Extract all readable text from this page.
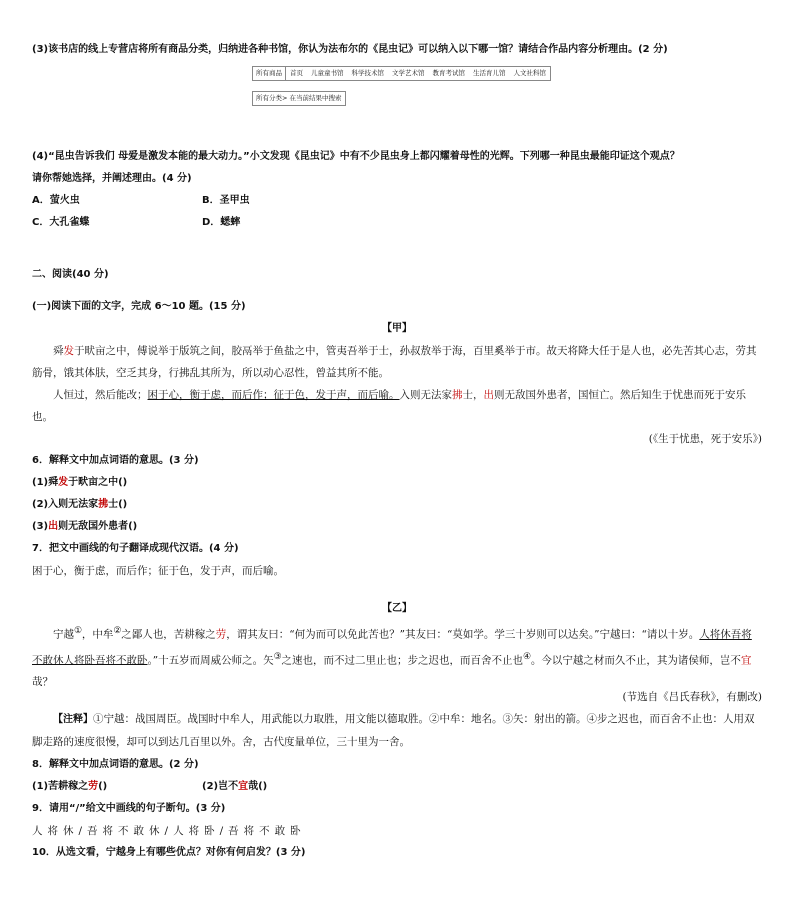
(3)该书店的线上专营店将所有商品分类，归纳进各种书馆，你认为法布尔的《昆虫记》可以纳入以下哪一馆？请结合作品内容分析理由。(2 分)
所有商品	首页	儿童童书馆	科学技术馆	文学艺术馆	教育考试馆	生活育儿馆	人文社科馆
所有分类> 在当前结果中搜索
(4)“昆虫告诉我们 母爱是激发本能的最大动力。”小文发现《昆虫记》中有不少昆虫身上都闪耀着母性的光辉。下列哪一种昆虫最能印证这个观点？
请你帮她选择，并阐述理由。(4 分)
A．萤火虫	B．圣甲虫
C．大孔雀蝶	D．蟋蟀
二、阅读(40 分)
(一)阅读下面的文字，完成 6～10 题。(15 分)
【甲】
舜发于畎亩之中，傅说举于版筑之间，胶鬲举于鱼盐之中，管夷吾举于士，孙叔敖举于海，百里奚举于市。故天将降大任于是人也，必先苦其心志，劳其筋骨，饿其体肤，空乏其身，行拂乱其所为，所以动心忍性，曾益其所不能。
人恒过，然后能改；困于心，衡于虑，而后作；征于色，发于声，而后喻。入则无法家拂士，出则无敌国外患者，国恒亡。然后知生于忧患而死于安乐也。
(《生于忧患，死于安乐》)
6．解释文中加点词语的意思。(3 分)
(1)舜发于畎亩之中()
(2)入则无法家拂士()
(3)出则无敌国外患者()
7．把文中画线的句子翻译成现代汉语。(4 分)
困于心，衡于虑，而后作；征于色，发于声，而后喻。
【乙】
宁越①，中牟②之鄙人也，苦耕稼之劳，谓其友曰：“何为而可以免此苦也？”其友曰：“莫如学。学三十岁则可以达矣。”宁越曰：“请以十岁。人将休吾将不敢休人将卧吾将不敢卧。”十五岁而周威公师之。矢③之速也，而不过二里止也；步之迟也，而百舍不止也④。今以宁越之材而久不止，其为诸侯师，岂不宜哉？
(节选自《吕氏春秋》，有删改)
【注释】①宁越：战国周臣。战国时中牟人，用武能以力取胜，用文能以德取胜。②中牟：地名。③矢：射出的箭。④步之迟也，而百舍不止也：人用双脚走路的速度很慢，却可以到达几百里以外。舍，古代度量单位，三十里为一舍。
8．解释文中加点词语的意思。(2 分)
(1)苦耕稼之劳()	(2)岂不宜哉()
9．请用“/”给文中画线的句子断句。(3 分)
人将休/吾将不敢休/人将卧/吾将不敢卧
10．从选文看，宁越身上有哪些优点？对你有何启发？(3 分)
